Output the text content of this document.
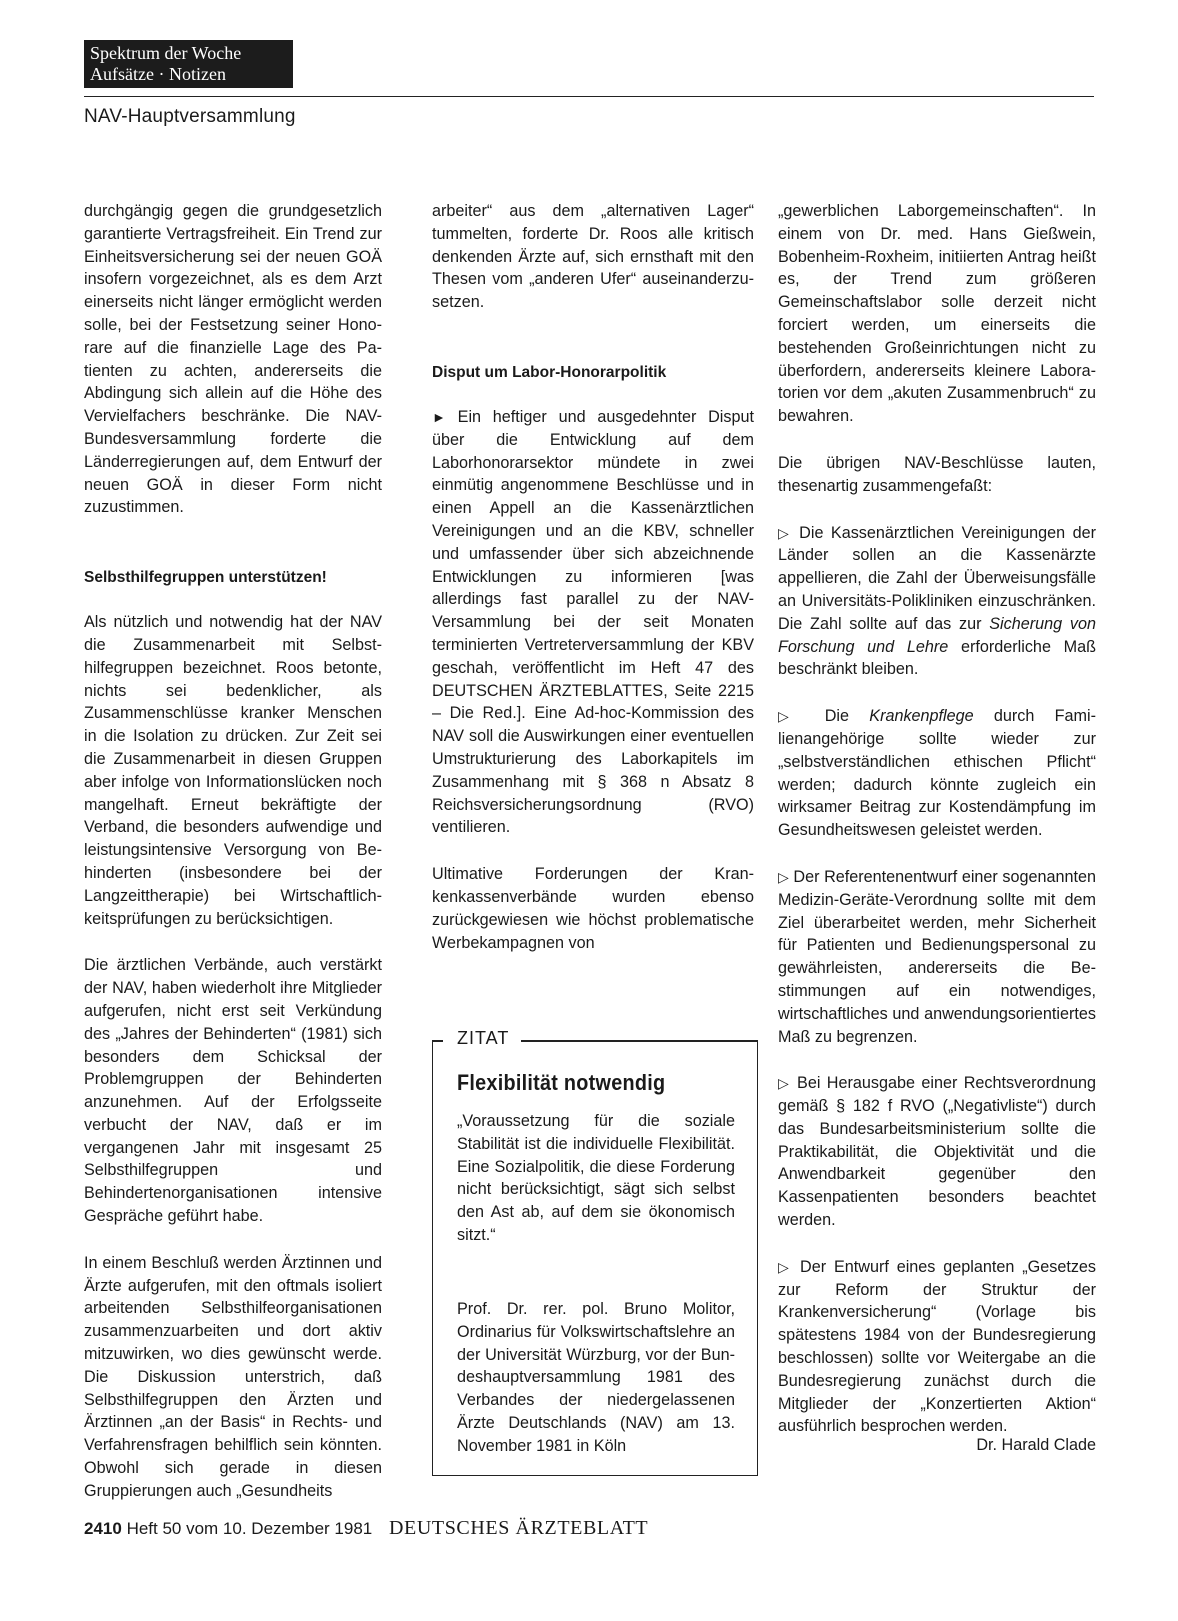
Spektrum der Woche
Aufsätze · Notizen
NAV-Hauptversammlung

durchgängig gegen die grundgesetzlich garantierte Vertragsfreiheit. Ein Trend zur Einheitsversicherung sei der neuen GOÄ insofern vorgezeichnet, als es dem Arzt einerseits nicht länger ermöglicht werden solle, bei der Festsetzung seiner Honorare auf die finanzielle Lage des Patienten zu achten, andererseits die Abdingung sich allein auf die Höhe des Vervielfachers beschränke. Die NAV-Bundesversammlung forderte die Länderregierungen auf, dem Entwurf der neuen GOÄ in dieser Form nicht zuzustimmen.

Selbsthilfegruppen unterstützen!

Als nützlich und notwendig hat der NAV die Zusammenarbeit mit Selbsthilfegruppen bezeichnet. Roos betonte, nichts sei bedenklicher, als Zusammenschlüsse kranker Menschen in die Isolation zu drücken. Zur Zeit sei die Zusammenarbeit in diesen Gruppen aber infolge von Informationslücken noch mangelhaft. Erneut bekräftigte der Verband, die besonders aufwendige und leistungsintensive Versorgung von Behinderten (insbesondere bei der Langzeittherapie) bei Wirtschaftlichkeitsprüfungen zu berücksichtigen.

Die ärztlichen Verbände, auch verstärkt der NAV, haben wiederholt ihre Mitglieder aufgerufen, nicht erst seit Verkündung des „Jahres der Behinderten“ (1981) sich besonders dem Schicksal der Problemgruppen der Behinderten anzunehmen. Auf der Erfolgsseite verbucht der NAV, daß er im vergangenen Jahr mit insgesamt 25 Selbsthilfegruppen und Behindertenorganisationen intensive Gespräche geführt habe.

In einem Beschluß werden Ärztinnen und Ärzte aufgerufen, mit den oftmals isoliert arbeitenden Selbsthilfeorganisationen zusammenzuarbeiten und dort aktiv mitzuwirken, wo dies gewünscht werde. Die Diskussion unterstrich, daß Selbsthilfegruppen den Ärzten und Ärztinnen „an der Basis“ in Rechts- und Verfahrensfragen behilflich sein könnten. Obwohl sich gerade in diesen Gruppierungen auch „Gesundheits

arbeiter“ aus dem „alternativen Lager“ tummelten, forderte Dr. Roos alle kritisch denkenden Ärzte auf, sich ernsthaft mit den Thesen vom „anderen Ufer“ auseinanderzusetzen.

Disput um Labor-Honorarpolitik

► Ein heftiger und ausgedehnter Disput über die Entwicklung auf dem Laborhonorarsektor mündete in zwei einmütig angenommene Beschlüsse und in einen Appell an die Kassenärztlichen Vereinigungen und an die KBV, schneller und umfassender über sich abzeichnende Entwicklungen zu informieren [was allerdings fast parallel zu der NAV-Versammlung bei der seit Monaten terminierten Vertreterversammlung der KBV geschah, veröffentlicht im Heft 47 des DEUTSCHEN ÄRZTEBLATTES, Seite 2215 – Die Red.]. Eine Ad-hoc-Kommission des NAV soll die Auswirkungen einer eventuellen Umstrukturierung des Laborkapitels im Zusammenhang mit § 368 n Absatz 8 Reichsversicherungsordnung (RVO) ventilieren.

Ultimative Forderungen der Krankenkassenverbände wurden ebenso zurückgewiesen wie höchst problematische Werbekampagnen von

ZITAT
Flexibilität notwendig
„Voraussetzung für die soziale Stabilität ist die individuelle Flexibilität. Eine Sozialpolitik, die diese Forderung nicht berücksichtigt, sägt sich selbst den Ast ab, auf dem sie ökonomisch sitzt.“
Prof. Dr. rer. pol. Bruno Molitor, Ordinarius für Volkswirtschaftslehre an der Universität Würzburg, vor der Bundeshauptversammlung 1981 des Verbandes der niedergelassenen Ärzte Deutschlands (NAV) am 13. November 1981 in Köln

„gewerblichen Laborgemeinschaften“. In einem von Dr. med. Hans Gießwein, Bobenheim-Roxheim, initiierten Antrag heißt es, der Trend zum größeren Gemeinschaftslabor solle derzeit nicht forciert werden, um einerseits die bestehenden Großeinrichtungen nicht zu überfordern, andererseits kleinere Laboratorien vor dem „akuten Zusammenbruch“ zu bewahren.

Die übrigen NAV-Beschlüsse lauten, thesenartig zusammengefaßt:

▷ Die Kassenärztlichen Vereinigungen der Länder sollen an die Kassenärzte appellieren, die Zahl der Überweisungsfälle an Universitäts-Polikliniken einzuschränken. Die Zahl sollte auf das zur Sicherung von Forschung und Lehre erforderliche Maß beschränkt bleiben.

▷ Die Krankenpflege durch Familienangehörige sollte wieder zur „selbstverständlichen ethischen Pflicht“ werden; dadurch könnte zugleich ein wirksamer Beitrag zur Kostendämpfung im Gesundheitswesen geleistet werden.

▷ Der Referentenentwurf einer sogenannten Medizin-Geräte-Verordnung sollte mit dem Ziel überarbeitet werden, mehr Sicherheit für Patienten und Bedienungspersonal zu gewährleisten, andererseits die Bestimmungen auf ein notwendiges, wirtschaftliches und anwendungsorientiertes Maß zu begrenzen.

▷ Bei Herausgabe einer Rechtsverordnung gemäß § 182 f RVO („Negativliste“) durch das Bundesarbeitsministerium sollte die Praktikabilität, die Objektivität und die Anwendbarkeit gegenüber den Kassenpatienten besonders beachtet werden.

▷ Der Entwurf eines geplanten „Gesetzes zur Reform der Struktur der Krankenversicherung“ (Vorlage bis spätestens 1984 von der Bundesregierung beschlossen) sollte vor Weitergabe an die Bundesregierung zunächst durch die Mitglieder der „Konzertierten Aktion“ ausführlich besprochen werden.

Dr. Harald Clade
2410 Heft 50 vom 10. Dezember 1981 DEUTSCHES ÄRZTEBLATT
